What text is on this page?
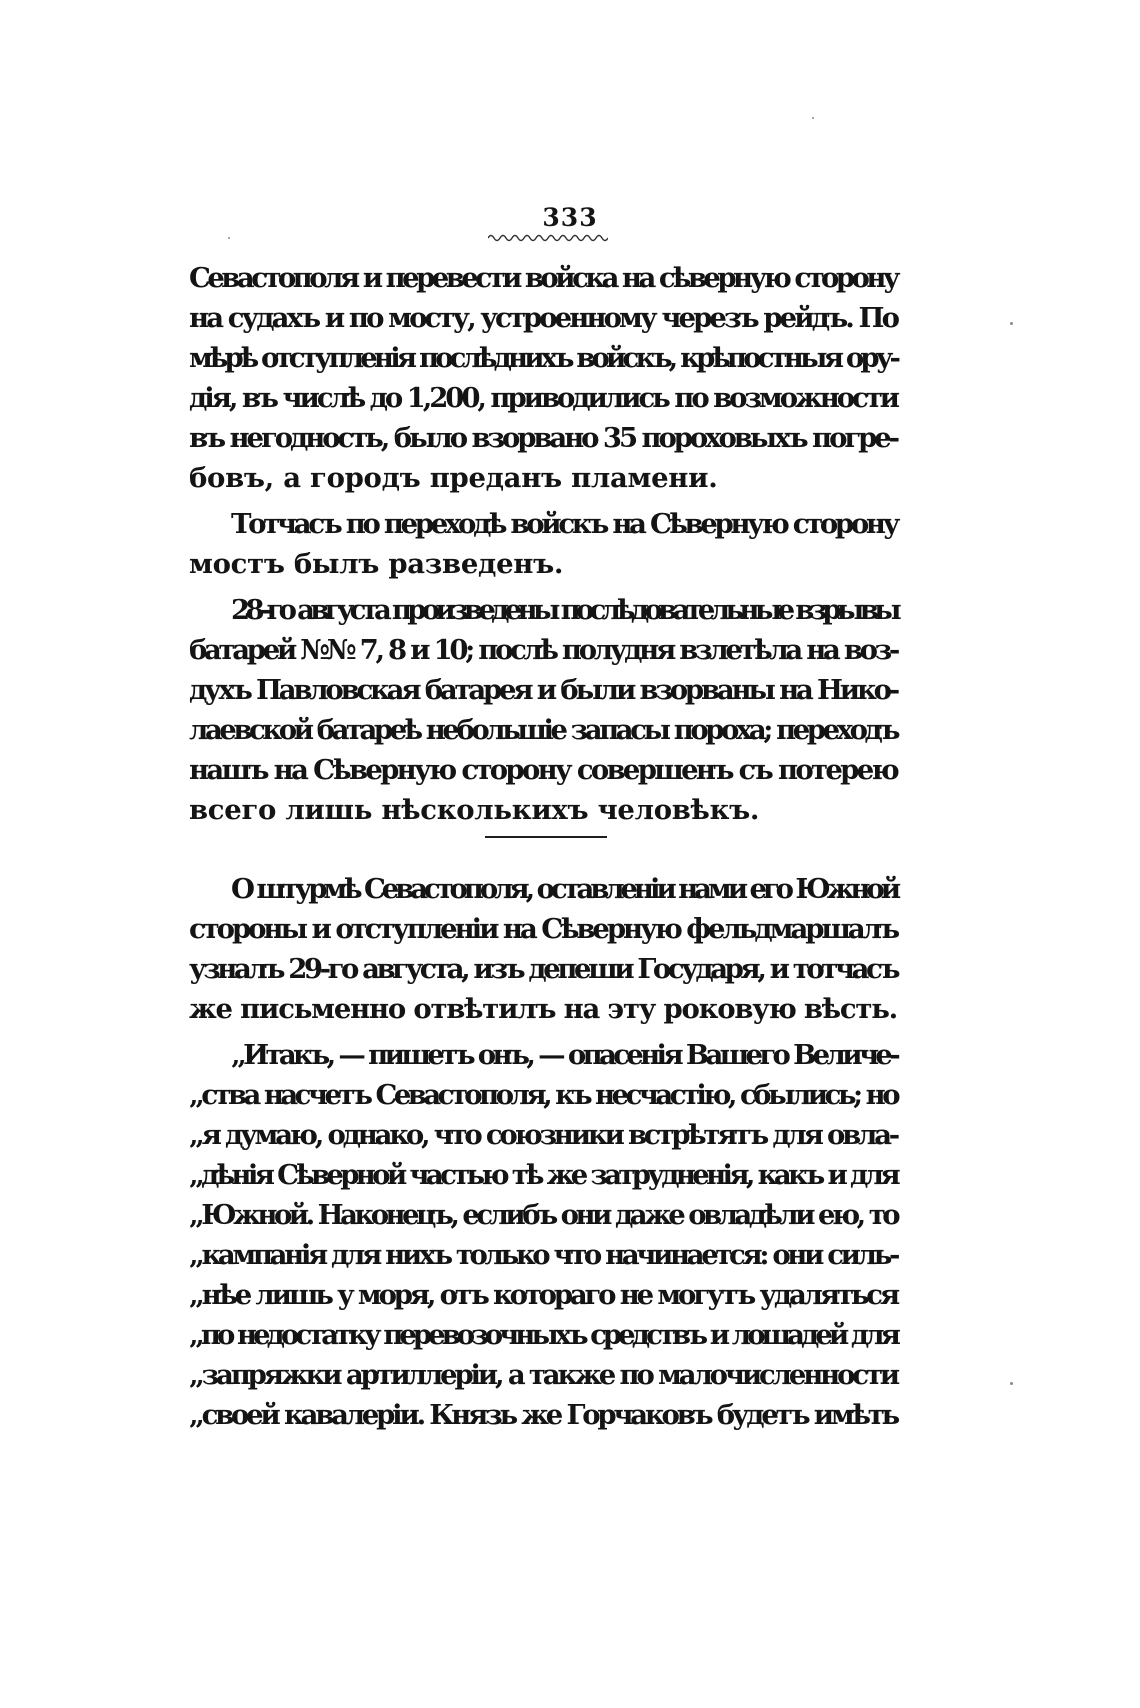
333
Севастополя и перевести войска на сѣверную сторону
на судахъ и по мосту, устроенному черезъ рейдъ. По
мѣрѣ отступленія послѣднихъ войскъ, крѣпостныя ору-
дія, въ числѣ до 1,200, приводились по возможности
въ негодность, было взорвано 35 пороховыхъ погре-
бовъ, а городъ преданъ пламени.
Тотчасъ по переходѣ войскъ на Сѣверную сторону
мостъ былъ разведенъ.
28-го августа произведены послѣдовательные взрывы
батарей №№ 7, 8 и 10; послѣ полудня взлетѣла на воз-
духъ Павловская батарея и были взорваны на Нико-
лаевской батареѣ небольшіе запасы пороха; переходъ
нашъ на Сѣверную сторону совершенъ съ потерею
всего лишь нѣсколькихъ человѣкъ.
О штурмѣ Севастополя, оставленіи нами его Южной
стороны и отступленіи на Сѣверную фельдмаршалъ
узналъ 29-го августа, изъ депеши Государя, и тотчасъ
же письменно отвѣтилъ на эту роковую вѣсть.
„Итакъ, — пишетъ онъ, — опасенія Вашего Величе-
„ства насчетъ Севастополя, къ несчастію, сбылись; но
„я думаю, однако, что союзники встрѣтятъ для овла-
„дѣнія Сѣверной частью тѣ же затрудненія, какъ и для
„Южной. Наконецъ, еслибъ они даже овладѣли ею, то
„кампанія для нихъ только что начинается: они силь-
„нѣе лишь у моря, отъ котораго не могутъ удаляться
„по недостатку перевозочныхъ средствъ и лошадей для
„запряжки артиллеріи, а также по малочисленности
„своей кавалеріи. Князь же Горчаковъ будетъ имѣть
